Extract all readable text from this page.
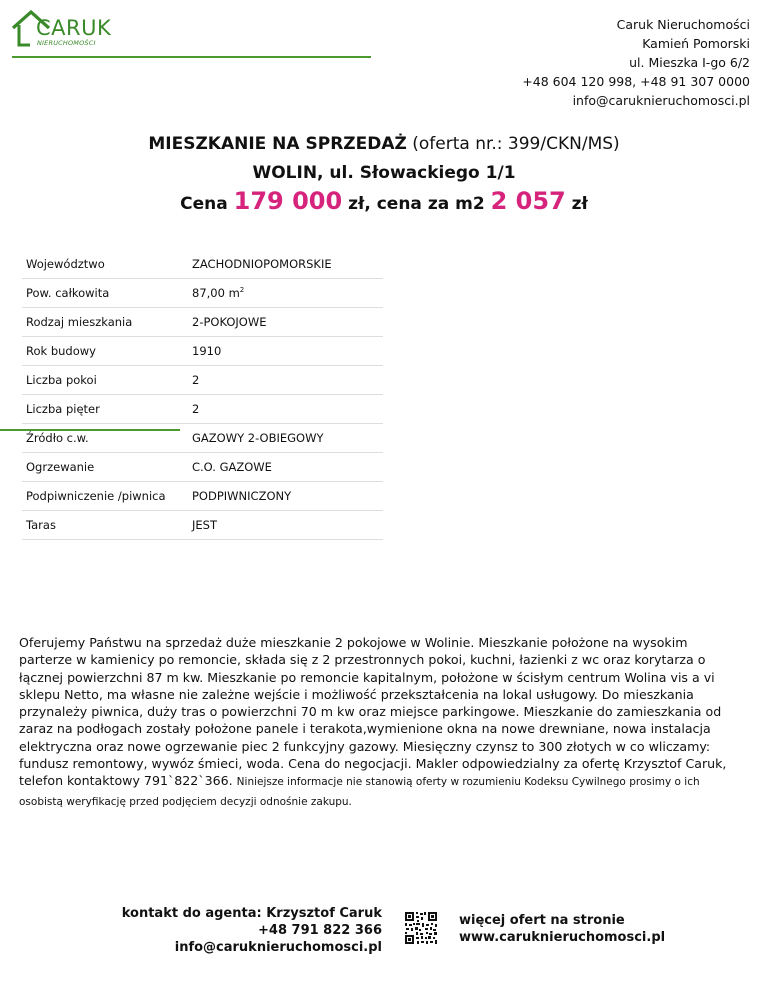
CARUK
NIERUCHOMOŚCI
Caruk Nieruchomości
Kamień Pomorski
ul. Mieszka I-go 6/2
+48 604 120 998, +48 91 307 0000
info@caruknieruchomosci.pl
MIESZKANIE NA SPRZEDAŻ (oferta nr.: 399/CKN/MS)
WOLIN, ul. Słowackiego 1/1
Cena 179 000 zł, cena za m2 2 057 zł
Województwo	ZACHODNIOPOMORSKIE
Pow. całkowita	87,00 $m^2$
Rodzaj mieszkania	2-POKOJOWE
Rok budowy	1910
Liczba pokoi	2
Liczba pięter	2
Źródło c.w.	GAZOWY 2-OBIEGOWY
Ogrzewanie	C.O. GAZOWE
Podpiwniczenie /piwnica	PODPIWNICZONY
Taras	JEST
Oferujemy Państwu na sprzedaż duże mieszkanie 2 pokojowe w Wolinie. Mieszkanie położone na wysokim parterze w kamienicy po remoncie, składa się z 2 przestronnych pokoi, kuchni, łazienki z wc oraz korytarza o łącznej powierzchni 87 m kw. Mieszkanie po remoncie kapitalnym, położone w ścisłym centrum Wolina vis a vi sklepu Netto, ma własne nie zależne wejście i możliwość przekształcenia na lokal usługowy. Do mieszkania przynależy piwnica, duży tras o powierzchni 70 m kw oraz miejsce parkingowe. Mieszkanie do zamieszkania od zaraz na podłogach zostały położone panele i terakota,wymienione okna na nowe drewniane, nowa instalacja elektryczna oraz nowe ogrzewanie piec 2 funkcyjny gazowy. Miesięczny czynsz to 300 złotych w co wliczamy: fundusz remontowy, wywóz śmieci, woda. Cena do negocjacji. Makler odpowiedzialny za ofertę Krzysztof Caruk, telefon kontaktowy 791`822`366. Niniejsze informacje nie stanowią oferty w rozumieniu Kodeksu Cywilnego prosimy o ich osobistą weryfikację przed podjęciem decyzji odnośnie zakupu.
kontakt do agenta: Krzysztof Caruk
+48 791 822 366
info@caruknieruchomosci.pl
więcej ofert na stronie
www.caruknieruchomosci.pl
